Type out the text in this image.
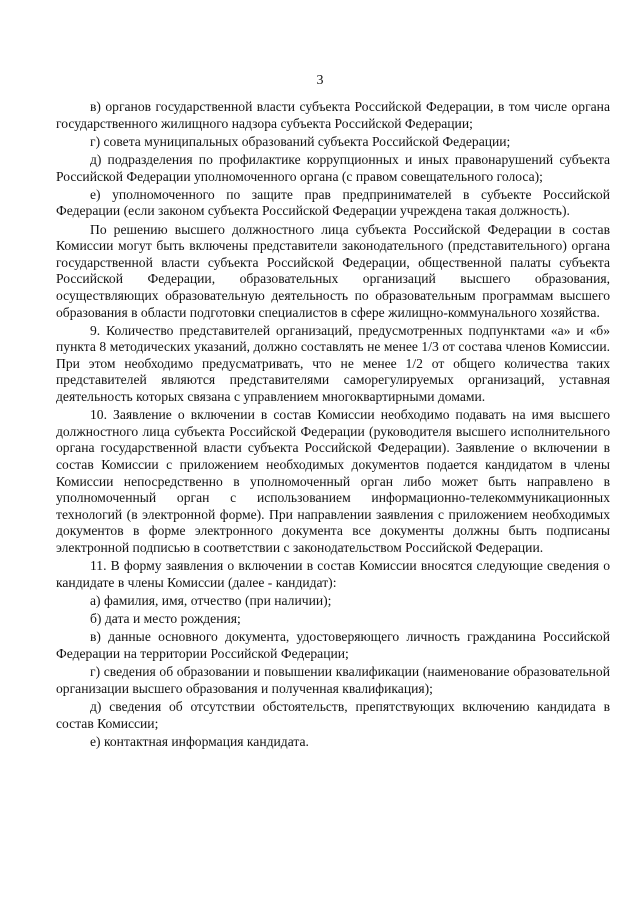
3

в) органов государственной власти субъекта Российской Федерации, в том числе органа государственного жилищного надзора субъекта Российской Федерации;

г) совета муниципальных образований субъекта Российской Федерации;

д) подразделения по профилактике коррупционных и иных правонарушений субъекта Российской Федерации уполномоченного органа (с правом совещательного голоса);

е) уполномоченного по защите прав предпринимателей в субъекте Российской Федерации (если законом субъекта Российской Федерации учреждена такая должность).

По решению высшего должностного лица субъекта Российской Федерации в состав Комиссии могут быть включены представители законодательного (представительного) органа государственной власти субъекта Российской Федерации, общественной палаты субъекта Российской Федерации, образовательных организаций высшего образования, осуществляющих образовательную деятельность по образовательным программам высшего образования в области подготовки специалистов в сфере жилищно-коммунального хозяйства.

9. Количество представителей организаций, предусмотренных подпунктами «а» и «б» пункта 8 методических указаний, должно составлять не менее 1/3 от состава членов Комиссии. При этом необходимо предусматривать, что не менее 1/2 от общего количества таких представителей являются представителями саморегулируемых организаций, уставная деятельность которых связана с управлением многоквартирными домами.

10. Заявление о включении в состав Комиссии необходимо подавать на имя высшего должностного лица субъекта Российской Федерации (руководителя высшего исполнительного органа государственной власти субъекта Российской Федерации). Заявление о включении в состав Комиссии с приложением необходимых документов подается кандидатом в члены Комиссии непосредственно в уполномоченный орган либо может быть направлено в уполномоченный орган с использованием информационно-телекоммуникационных технологий (в электронной форме). При направлении заявления с приложением необходимых документов в форме электронного документа все документы должны быть подписаны электронной подписью в соответствии с законодательством Российской Федерации.

11. В форму заявления о включении в состав Комиссии вносятся следующие сведения о кандидате в члены Комиссии (далее - кандидат):

а) фамилия, имя, отчество (при наличии);

б) дата и место рождения;

в) данные основного документа, удостоверяющего личность гражданина Российской Федерации на территории Российской Федерации;

г) сведения об образовании и повышении квалификации (наименование образовательной организации высшего образования и полученная квалификация);

д) сведения об отсутствии обстоятельств, препятствующих включению кандидата в состав Комиссии;

е) контактная информация кандидата.
